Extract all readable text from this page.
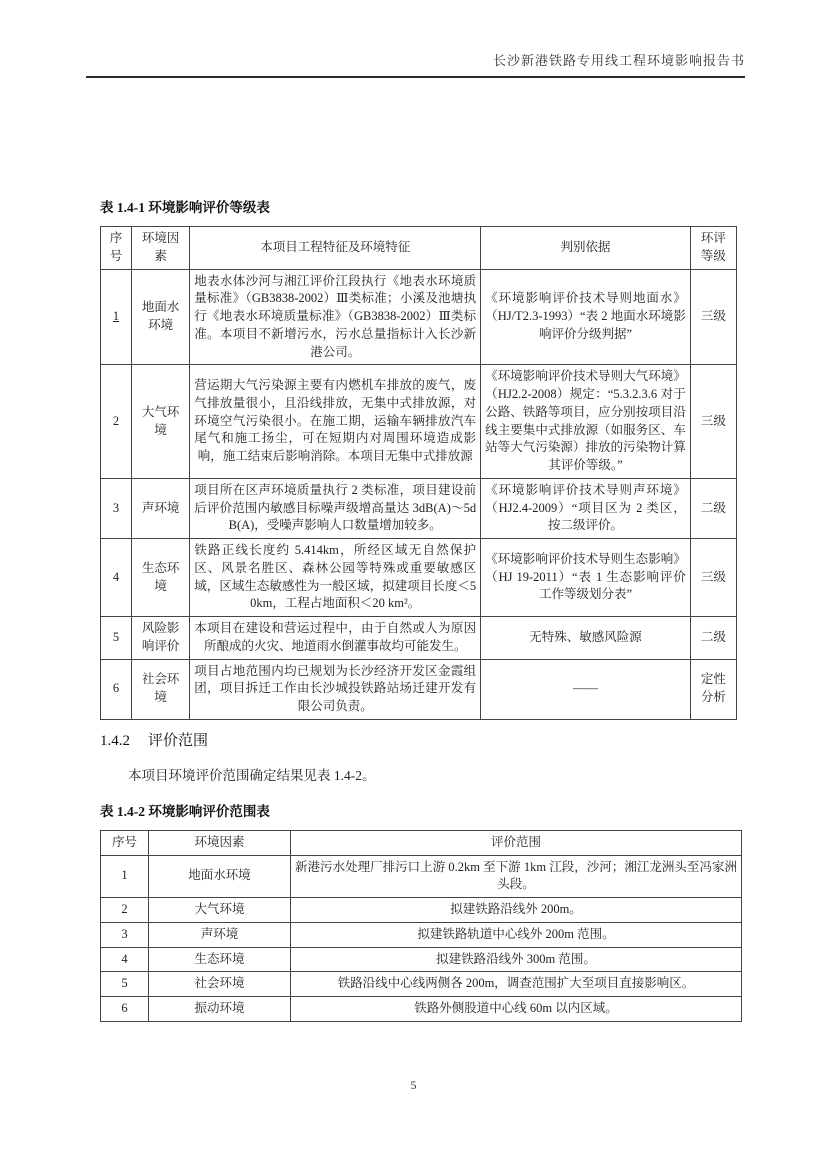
长沙新港铁路专用线工程环境影响报告书
表 1.4-1 环境影响评价等级表
序号	环境因素	本项目工程特征及环境特征	判别依据	环评等级
1	地面水环境	地表水体沙河与湘江评价江段执行《地表水环境质量标准》（GB3838-2002）Ⅲ类标准；小溪及池塘执行《地表水环境质量标准》（GB3838-2002）Ⅲ类标准。本项目不新增污水，污水总量指标计入长沙新港公司。	《环境影响评价技术导则地面水》（HJ/T2.3-1993）“表 2 地面水环境影响评价分级判据”	三级
2	大气环境	营运期大气污染源主要有内燃机车排放的废气，废气排放量很小，且沿线排放，无集中式排放源，对环境空气污染很小。在施工期，运输车辆排放汽车尾气和施工扬尘，可在短期内对周围环境造成影响，施工结束后影响消除。本项目无集中式排放源	《环境影响评价技术导则大气环境》（HJ2.2-2008）规定：“5.3.2.3.6 对于公路、铁路等项目，应分别按项目沿线主要集中式排放源（如服务区、车站等大气污染源）排放的污染物计算其评价等级。”	三级
3	声环境	项目所在区声环境质量执行 2 类标准，项目建设前后评价范围内敏感目标噪声级增高量达 3dB(A)～5dB(A)，受噪声影响人口数量增加较多。	《环境影响评价技术导则声环境》（HJ2.4-2009）“项目区为 2 类区，按二级评价。	二级
4	生态环境	铁路正线长度约 5.414km，所经区域无自然保护区、风景名胜区、森林公园等特殊或重要敏感区域，区域生态敏感性为一般区域，拟建项目长度＜50km，工程占地面积＜20 km²。	《环境影响评价技术导则生态影响》（HJ 19-2011）“表 1 生态影响评价工作等级划分表”	三级
5	风险影响评价	本项目在建设和营运过程中，由于自然或人为原因所酿成的火灾、地道雨水倒灌事故均可能发生。	无特殊、敏感风险源	二级
6	社会环境	项目占地范围内均已规划为长沙经济开发区金霞组团，项目拆迁工作由长沙城投铁路站场迁建开发有限公司负责。	——	定性分析
1.4.2 评价范围
本项目环境评价范围确定结果见表 1.4-2。
表 1.4-2 环境影响评价范围表
序号	环境因素	评价范围
1	地面水环境	新港污水处理厂排污口上游 0.2km 至下游 1km 江段，沙河；湘江龙洲头至冯家洲头段。
2	大气环境	拟建铁路沿线外 200m。
3	声环境	拟建铁路轨道中心线外 200m 范围。
4	生态环境	拟建铁路沿线外 300m 范围。
5	社会环境	铁路沿线中心线两侧各 200m，调查范围扩大至项目直接影响区。
6	振动环境	铁路外侧股道中心线 60m 以内区域。
5
